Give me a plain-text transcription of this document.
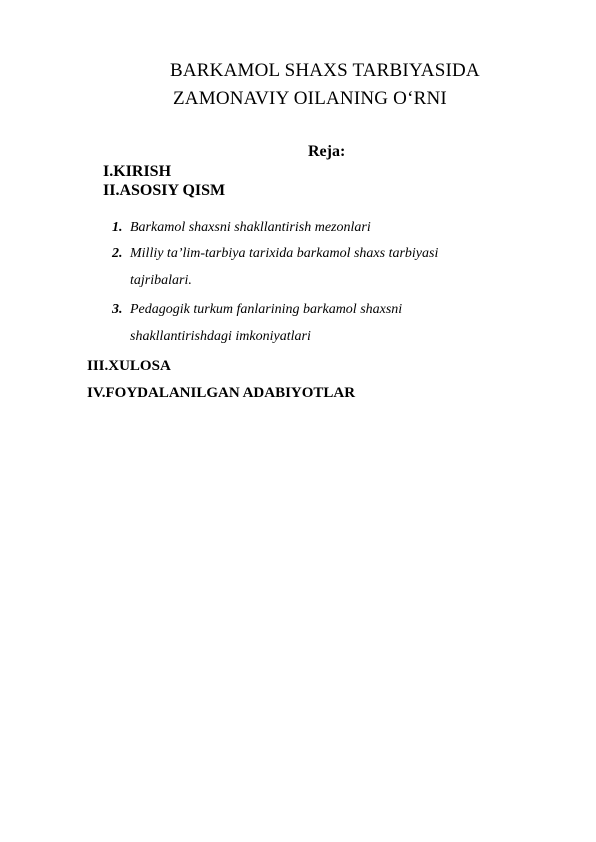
BARKAMOL SHAXS TARBIYASIDA
ZAMONAVIY OILANING O‘RNI
Reja:
I.KIRISH
II.ASOSIY QISM
1. Barkamol shaxsni shakllantirish mezonlari
2. Milliy ta’lim-tarbiya tarixida barkamol shaxs tarbiyasi
tajribalari.
3. Pedagogik turkum fanlarining barkamol shaxsni
shakllantirishdagi imkoniyatlari
III.XULOSA
IV.FOYDALANILGAN ADABIYOTLAR
